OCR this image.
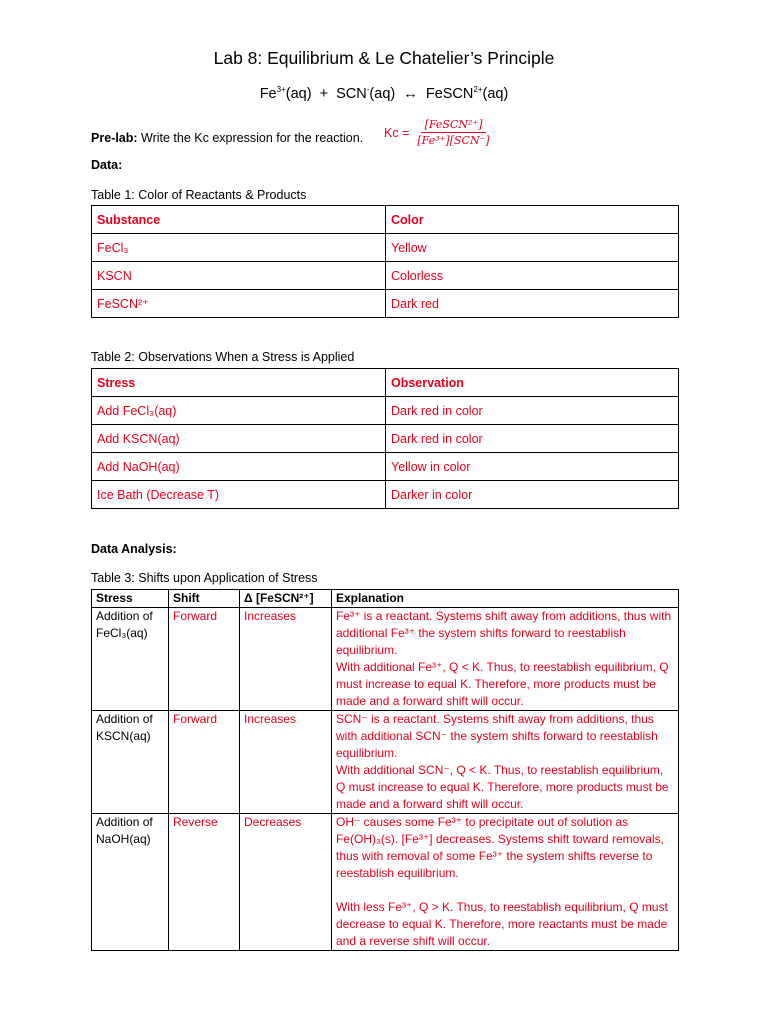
Lab 8: Equilibrium & Le Chatelier’s Principle
$Fe^{3+}(aq) + SCN^-(aq)$ ↔ FeSCN$^{2+}$(aq)
Pre-lab: Write the Kc expression for the reaction. $Kc = \frac{\text{[FeSCN²⁺]}}{\text{[Fe³⁺][SCN⁻]}}$
Data:
Table 1: Color of Reactants & Products
Substance	Color
FeCl₃	Yellow
KSCN	Colorless
FeSCN²⁺	Dark red
Table 2: Observations When a Stress is Applied
Stress	Observation
Add FeCl₃(aq)	Dark red in color
Add KSCN(aq)	Dark red in color
Add NaOH(aq)	Yellow in color
Ice Bath (Decrease T)	Darker in color
Data Analysis:
Table 3: Shifts upon Application of Stress
Stress	Shift	Δ [FeSCN²⁺]	Explanation
Addition of FeCl₃(aq)	Forward	Increases	Fe³⁺ is a reactant. Systems shift away from additions, thus with additional Fe³⁺ the system shifts forward to reestablish equilibrium.
With additional Fe³⁺, Q < K. Thus, to reestablish equilibrium, Q must increase to equal K. Therefore, more products must be made and a forward shift will occur.

Addition of KSCN(aq)	Forward	Increases	SCN⁻ is a reactant. Systems shift away from additions, thus with additional SCN⁻ the system shifts forward to reestablish equilibrium.
With additional SCN⁻, Q < K. Thus, to reestablish equilibrium, Q must increase to equal K. Therefore, more products must be made and a forward shift will occur.

Addition of NaOH(aq)	Reverse	Decreases	OH⁻ causes some Fe³⁺ to precipitate out of solution as Fe(OH)₃(s). [Fe³⁺] decreases. Systems shift toward removals, thus with removal of some Fe³⁺ the system shifts reverse to reestablish equilibrium.
With less Fe³⁺, Q > K. Thus, to reestablish equilibrium, Q must decrease to equal K. Therefore, more reactants must be made and a reverse shift will occur.
